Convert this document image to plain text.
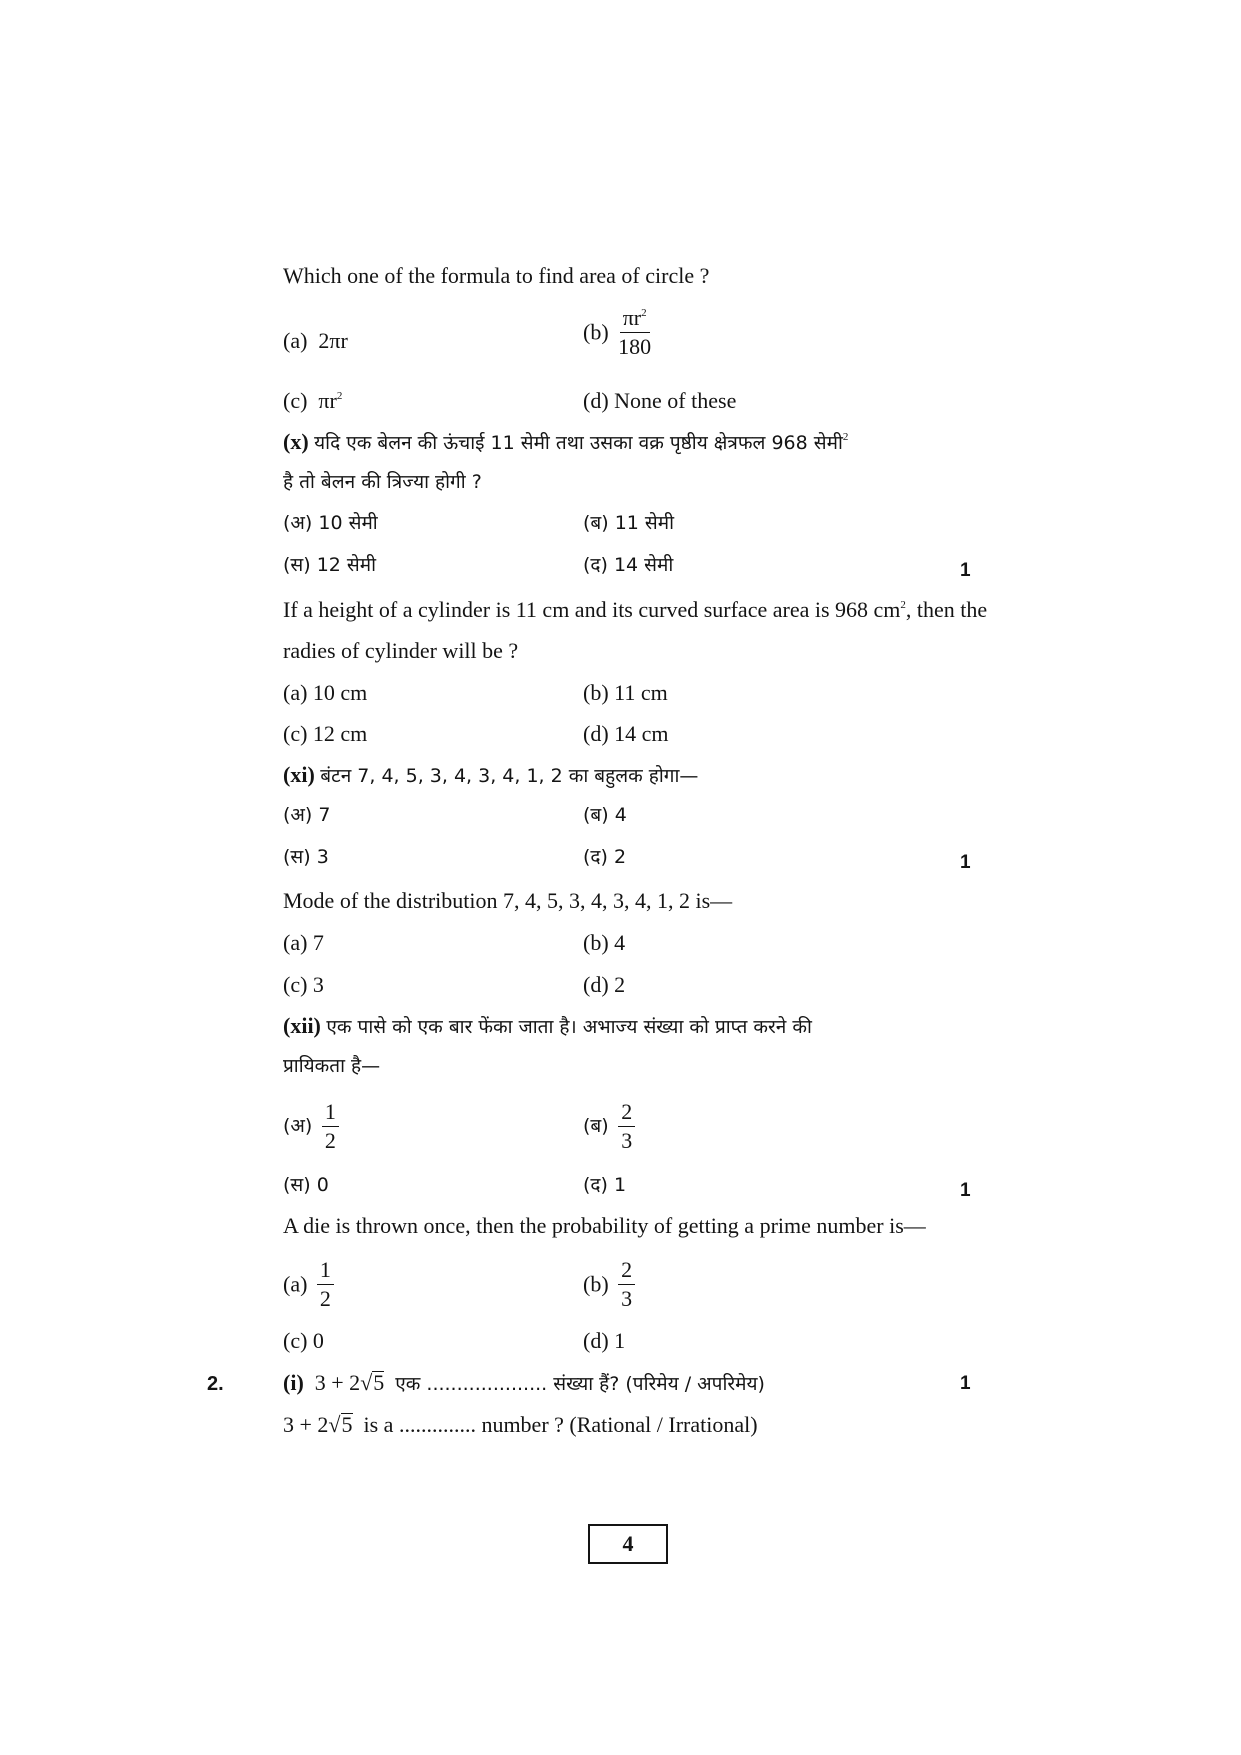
Which one of the formula to find area of circle ?
(a) 2πr	$(b) \frac{\pi r^2}{180}$
(c) $\pi r^2$	(d) None of these
(x) यदि एक बेलन की ऊंचाई 11 सेमी तथा उसका वक्र पृष्ठीय क्षेत्रफल 968 सेमी$^2$
है तो बेलन की त्रिज्या होगी ?
(अ) 10 सेमी	(ब) 11 सेमी
(स) 12 सेमी	(द) 14 सेमी	1
If a height of a cylinder is 11 cm and its curved surface area is 968 $cm^2$, then the
radies of cylinder will be ?
(a) 10 cm	(b) 11 cm
(c) 12 cm	(d) 14 cm
(xi) बंटन 7, 4, 5, 3, 4, 3, 4, 1, 2 का बहुलक होगा—
(अ) 7	(ब) 4
(स) 3	(द) 2	1
Mode of the distribution 7, 4, 5, 3, 4, 3, 4, 1, 2 is—
(a) 7	(b) 4
(c) 3	(d) 2
(xii) एक पासे को एक बार फेंका जाता है। अभाज्य संख्या को प्राप्त करने की
प्रायिकता है—
(अ) $\frac{1}{2}$	(ब) $\frac{2}{3}$
(स) 0	(द) 1	1
A die is thrown once, then the probability of getting a prime number is—
$(a) \frac{1}{2}$	$(b) \frac{2}{3}$
(c) 0	(d) 1
2.	(i) 3 + 2√5 एक .................... संख्या हैं? (परिमेय / अपरिमेय)	1
3 + 2√5 is a .............. number ? (Rational / Irrational)
4
